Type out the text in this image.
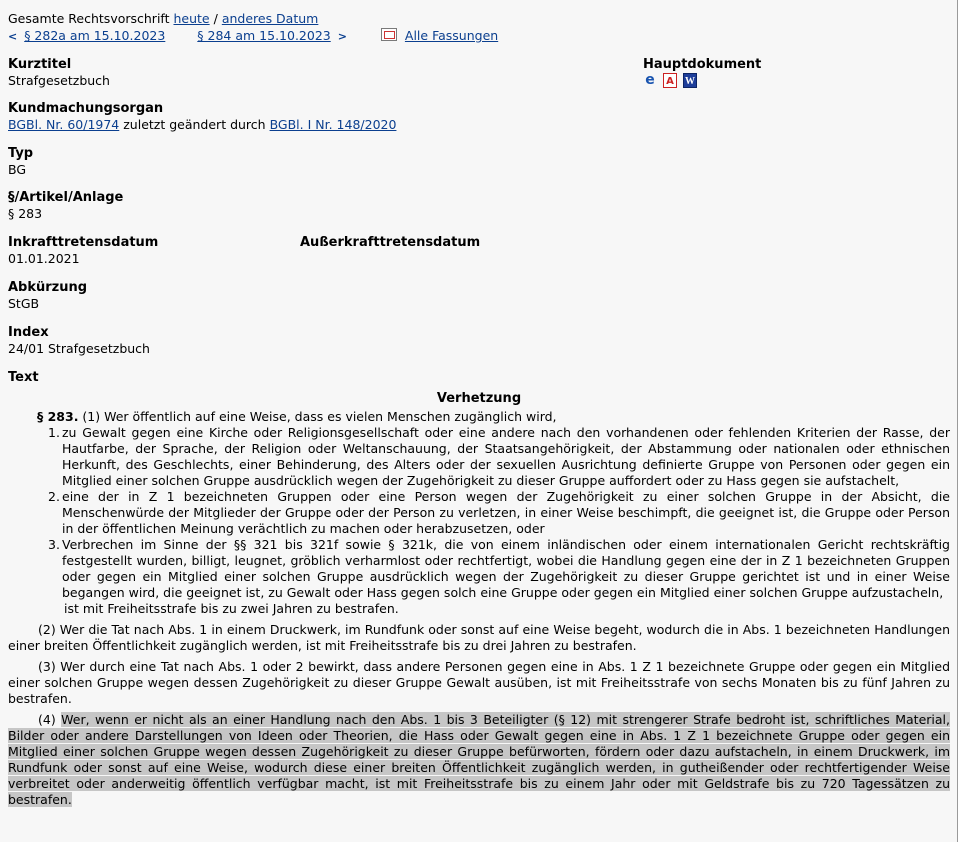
Gesamte Rechtsvorschrift heute / anderes Datum
< § 282a am 15.10.2023	§ 284 am 15.10.2023 >	Alle Fassungen
Kurztitel
Strafgesetzbuch
Hauptdokument
e A W
Kundmachungsorgan
BGBl. Nr. 60/1974 zuletzt geändert durch BGBl. I Nr. 148/2020
Typ
BG
§/Artikel/Anlage
§ 283
Inkrafttretensdatum
01.01.2021
Außerkrafttretensdatum
Abkürzung
StGB
Index
24/01 Strafgesetzbuch
Text
Verhetzung

§ 283. (1) Wer öffentlich auf eine Weise, dass es vielen Menschen zugänglich wird,

1. zu Gewalt gegen eine Kirche oder Religionsgesellschaft oder eine andere nach den vorhandenen oder fehlenden Kriterien der Rasse, der Hautfarbe, der Sprache, der Religion oder Weltanschauung, der Staatsangehörigkeit, der Abstammung oder nationalen oder ethnischen Herkunft, des Geschlechts, einer Behinderung, des Alters oder der sexuellen Ausrichtung definierte Gruppe von Personen oder gegen ein Mitglied einer solchen Gruppe ausdrücklich wegen der Zugehörigkeit zu dieser Gruppe auffordert oder zu Hass gegen sie aufstachelt,
2. eine der in Z 1 bezeichneten Gruppen oder eine Person wegen der Zugehörigkeit zu einer solchen Gruppe in der Absicht, die Menschenwürde der Mitglieder der Gruppe oder der Person zu verletzen, in einer Weise beschimpft, die geeignet ist, die Gruppe oder Person in der öffentlichen Meinung verächtlich zu machen oder herabzusetzen, oder
3. Verbrechen im Sinne der §§ 321 bis 321f sowie § 321k, die von einem inländischen oder einem internationalen Gericht rechtskräftig festgestellt wurden, billigt, leugnet, gröblich verharmlost oder rechtfertigt, wobei die Handlung gegen eine der in Z 1 bezeichneten Gruppen oder gegen ein Mitglied einer solchen Gruppe ausdrücklich wegen der Zugehörigkeit zu dieser Gruppe gerichtet ist und in einer Weise begangen wird, die geeignet ist, zu Gewalt oder Hass gegen solch eine Gruppe oder gegen ein Mitglied einer solchen Gruppe aufzustacheln,

ist mit Freiheitsstrafe bis zu zwei Jahren zu bestrafen.

(2) Wer die Tat nach Abs. 1 in einem Druckwerk, im Rundfunk oder sonst auf eine Weise begeht, wodurch die in Abs. 1 bezeichneten Handlungen einer breiten Öffentlichkeit zugänglich werden, ist mit Freiheitsstrafe bis zu drei Jahren zu bestrafen.

(3) Wer durch eine Tat nach Abs. 1 oder 2 bewirkt, dass andere Personen gegen eine in Abs. 1 Z 1 bezeichnete Gruppe oder gegen ein Mitglied einer solchen Gruppe wegen dessen Zugehörigkeit zu dieser Gruppe Gewalt ausüben, ist mit Freiheitsstrafe von sechs Monaten bis zu fünf Jahren zu bestrafen.

(4) Wer, wenn er nicht als an einer Handlung nach den Abs. 1 bis 3 Beteiligter (§ 12) mit strengerer Strafe bedroht ist, schriftliches Material, Bilder oder andere Darstellungen von Ideen oder Theorien, die Hass oder Gewalt gegen eine in Abs. 1 Z 1 bezeichnete Gruppe oder gegen ein Mitglied einer solchen Gruppe wegen dessen Zugehörigkeit zu dieser Gruppe befürworten, fördern oder dazu aufstacheln, in einem Druckwerk, im Rundfunk oder sonst auf eine Weise, wodurch diese einer breiten Öffentlichkeit zugänglich werden, in gutheißender oder rechtfertigender Weise verbreitet oder anderweitig öffentlich verfügbar macht, ist mit Freiheitsstrafe bis zu einem Jahr oder mit Geldstrafe bis zu 720 Tagessätzen zu bestrafen.
